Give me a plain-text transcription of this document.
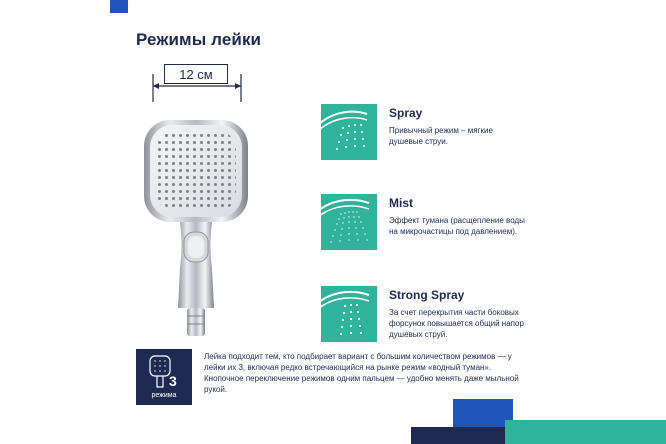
Режимы лейки
12 см
Spray
Привычный режим – мягкие душевые струи.
Mist
Эффект тумана (расщепление воды на микрочастицы под давлением).
Strong Spray
За счет перекрытия части боковых форсунок повышается общий напор душевых струй.
3
режима

Лейка подходит тем, кто подбирает вариант с большим количеством режимов — у лейки их 3, включая редко встречающийся на рынке режим «водный туман». Кнопочное переключение режимов одним пальцем — удобно менять даже мыльной рукой.
